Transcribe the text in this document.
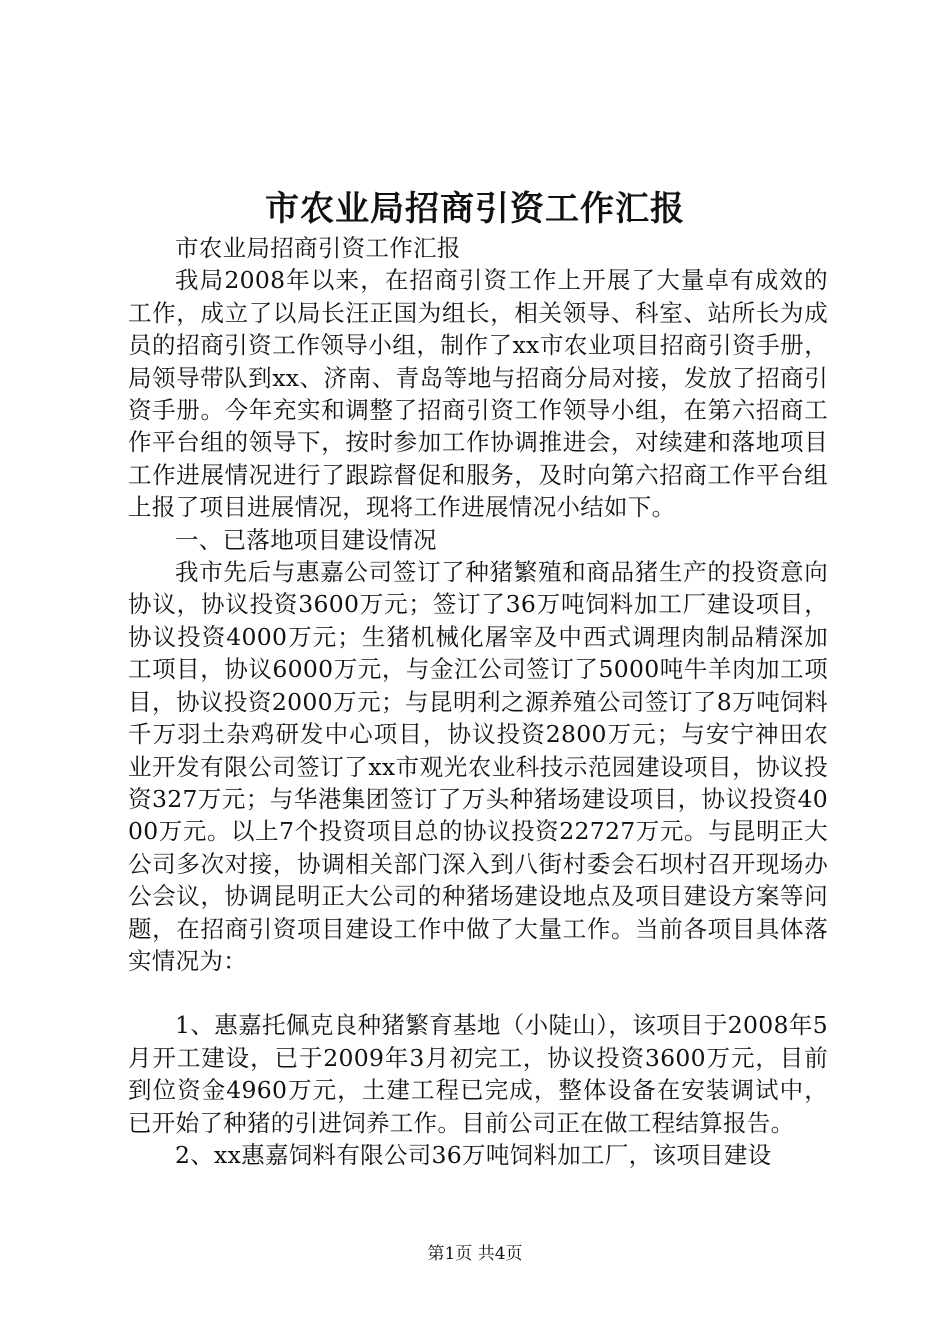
市农业局招商引资工作汇报

市农业局招商引资工作汇报

我局2008年以来，在招商引资工作上开展了大量卓有成效的工作，成立了以局长汪正国为组长，相关领导、科室、站所长为成员的招商引资工作领导小组，制作了xx市农业项目招商引资手册，局领导带队到xx、济南、青岛等地与招商分局对接，发放了招商引资手册。今年充实和调整了招商引资工作领导小组，在第六招商工作平台组的领导下，按时参加工作协调推进会，对续建和落地项目工作进展情况进行了跟踪督促和服务，及时向第六招商工作平台组上报了项目进展情况，现将工作进展情况小结如下。

一、已落地项目建设情况

我市先后与惠嘉公司签订了种猪繁殖和商品猪生产的投资意向协议，协议投资3600万元；签订了36万吨饲料加工厂建设项目，协议投资4000万元；生猪机械化屠宰及中西式调理肉制品精深加工项目，协议6000万元，与金江公司签订了5000吨牛羊肉加工项目，协议投资2000万元；与昆明利之源养殖公司签订了8万吨饲料千万羽土杂鸡研发中心项目，协议投资2800万元；与安宁神田农业开发有限公司签订了xx市观光农业科技示范园建设项目，协议投资327万元；与华港集团签订了万头种猪场建设项目，协议投资4000万元。以上7个投资项目总的协议投资22727万元。与昆明正大公司多次对接，协调相关部门深入到八街村委会石坝村召开现场办公会议，协调昆明正大公司的种猪场建设地点及项目建设方案等问题，在招商引资项目建设工作中做了大量工作。当前各项目具体落实情况为：

1、惠嘉托佩克良种猪繁育基地（小陡山），该项目于2008年5月开工建设，已于2009年3月初完工，协议投资3600万元，目前到位资金4960万元，土建工程已完成，整体设备在安装调试中，已开始了种猪的引进饲养工作。目前公司正在做工程结算报告。

2、xx惠嘉饲料有限公司36万吨饲料加工厂，该项目建设

第1页 共4页
